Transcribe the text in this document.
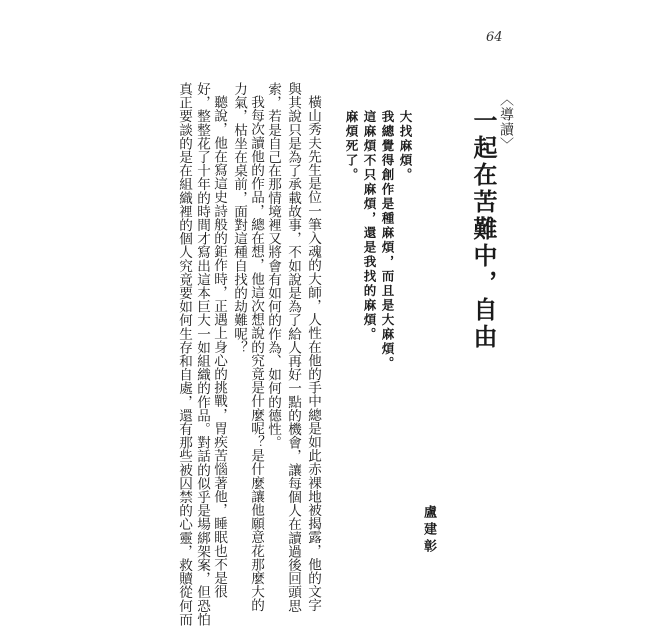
64
〈導讀〉
一起在苦難中，自由
大找麻煩。
我總覺得創作是種麻煩，而且是大麻煩。
這麻煩不只麻煩，還是我找的麻煩。
麻煩死了。
橫山秀夫先生是位一筆入魂的大師，人性在他的手中總是如此赤裸地被揭露，他的文字
與其說只是為了承載故事，不如說是為了給人再好一點的機會，讓每個人在讀過後回頭思
索，若是自己在那情境裡又將會有如何的作為、如何的德性。
我每次讀他的作品，總在想，他這次想說的究竟是什麼呢？是什麼讓他願意花那麼大的
力氣，枯坐在桌前，面對這種自找的劫難呢？
聽說，他在寫這史詩般的鉅作時，正遇上身心的挑戰，胃疾苦惱著他，睡眠也不是很
好，整整花了十年的時間才寫出這本巨大一如組織的作品。對話的似乎是場綁架案，但恐怕
真正要談的是在組織裡的個人究竟要如何生存和自處，還有那些被囚禁的心靈，救贖從何而	盧建彰
